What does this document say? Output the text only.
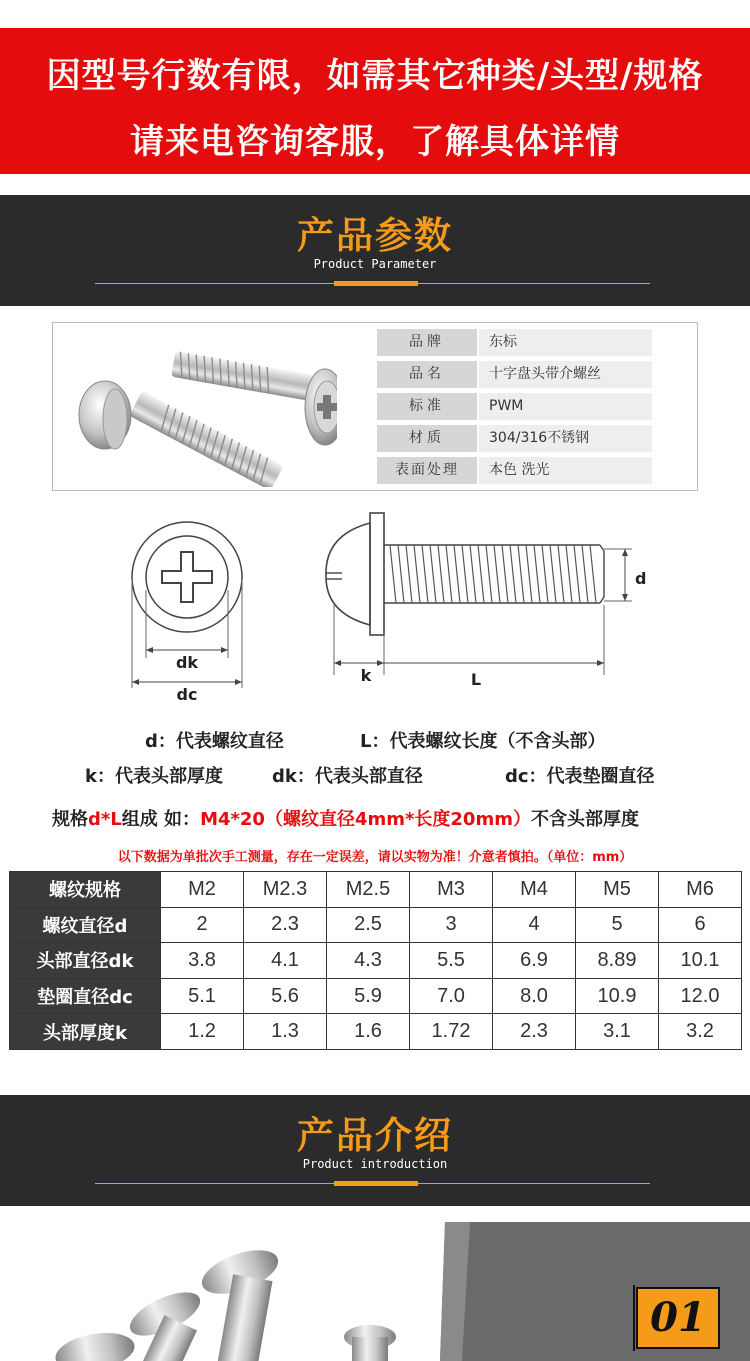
因型号行数有限，如需其它种类/头型/规格
请来电咨询客服，了解具体详情
产品参数
Product Parameter
品牌	东标
品名	十字盘头带介螺丝
标准	PWM
材质	304/316不锈钢
表面处理	本色 洗光
dk
dc
d
k	L
d：代表螺纹直径	L：代表螺纹长度（不含头部）
k：代表头部厚度	dk：代表头部直径	dc：代表垫圈直径
规格d*L组成 如：M4*20（螺纹直径4mm*长度20mm）不含头部厚度
以下数据为单批次手工测量，存在一定误差，请以实物为准！介意者慎拍。（单位：mm）
螺纹规格	M2	M2.3	M2.5	M3	M4	M5	M6
螺纹直径d	2	2.3	2.5	3	4	5	6
头部直径dk	3.8	4.1	4.3	5.5	6.9	8.89	10.1
垫圈直径dc	5.1	5.6	5.9	7.0	8.0	10.9	12.0
头部厚度k	1.2	1.3	1.6	1.72	2.3	3.1	3.2
产品介绍
Product introduction
01
